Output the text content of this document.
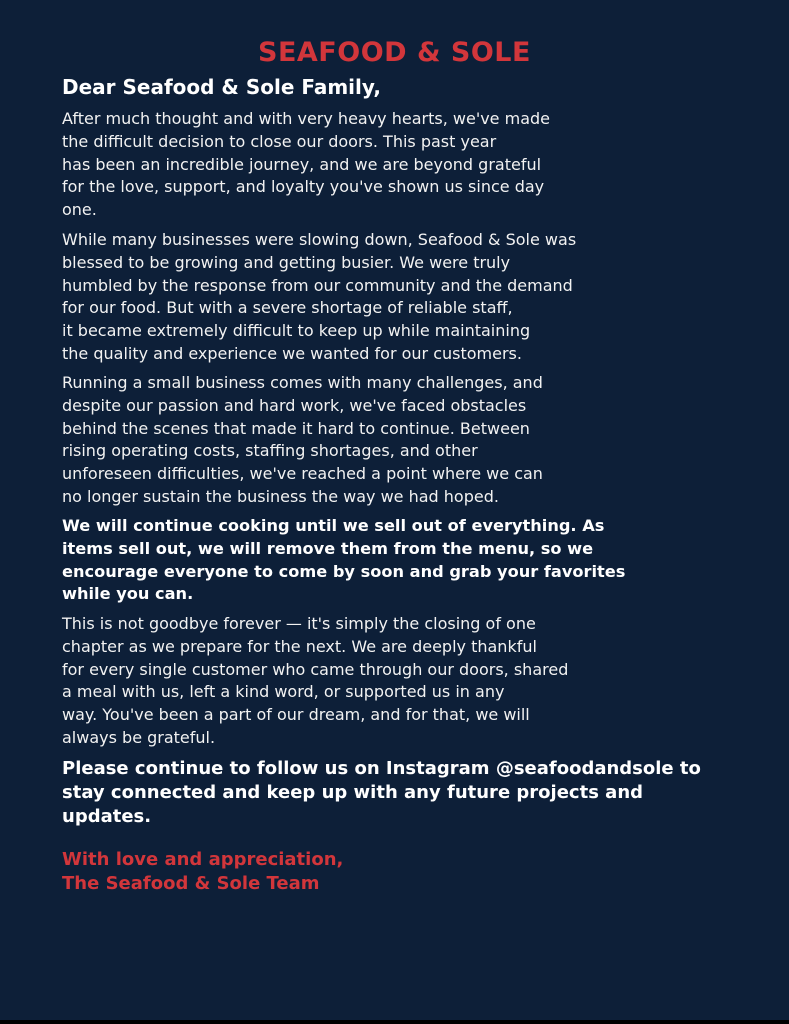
SEAFOOD & SOLE
Dear Seafood & Sole Family,

After much thought and with very heavy hearts, we've made
the difficult decision to close our doors. This past year
has been an incredible journey, and we are beyond grateful
for the love, support, and loyalty you've shown us since day
one.

While many businesses were slowing down, Seafood & Sole was
blessed to be growing and getting busier. We were truly
humbled by the response from our community and the demand
for our food. But with a severe shortage of reliable staff,
it became extremely difficult to keep up while maintaining
the quality and experience we wanted for our customers.

Running a small business comes with many challenges, and
despite our passion and hard work, we've faced obstacles
behind the scenes that made it hard to continue. Between
rising operating costs, staffing shortages, and other
unforeseen difficulties, we've reached a point where we can
no longer sustain the business the way we had hoped.

We will continue cooking until we sell out of everything. As
items sell out, we will remove them from the menu, so we
encourage everyone to come by soon and grab your favorites
while you can.

This is not goodbye forever — it's simply the closing of one
chapter as we prepare for the next. We are deeply thankful
for every single customer who came through our doors, shared
a meal with us, left a kind word, or supported us in any
way. You've been a part of our dream, and for that, we will
always be grateful.

Please continue to follow us on Instagram @seafoodandsole to
stay connected and keep up with any future projects and
updates.

With love and appreciation,
The Seafood & Sole Team
